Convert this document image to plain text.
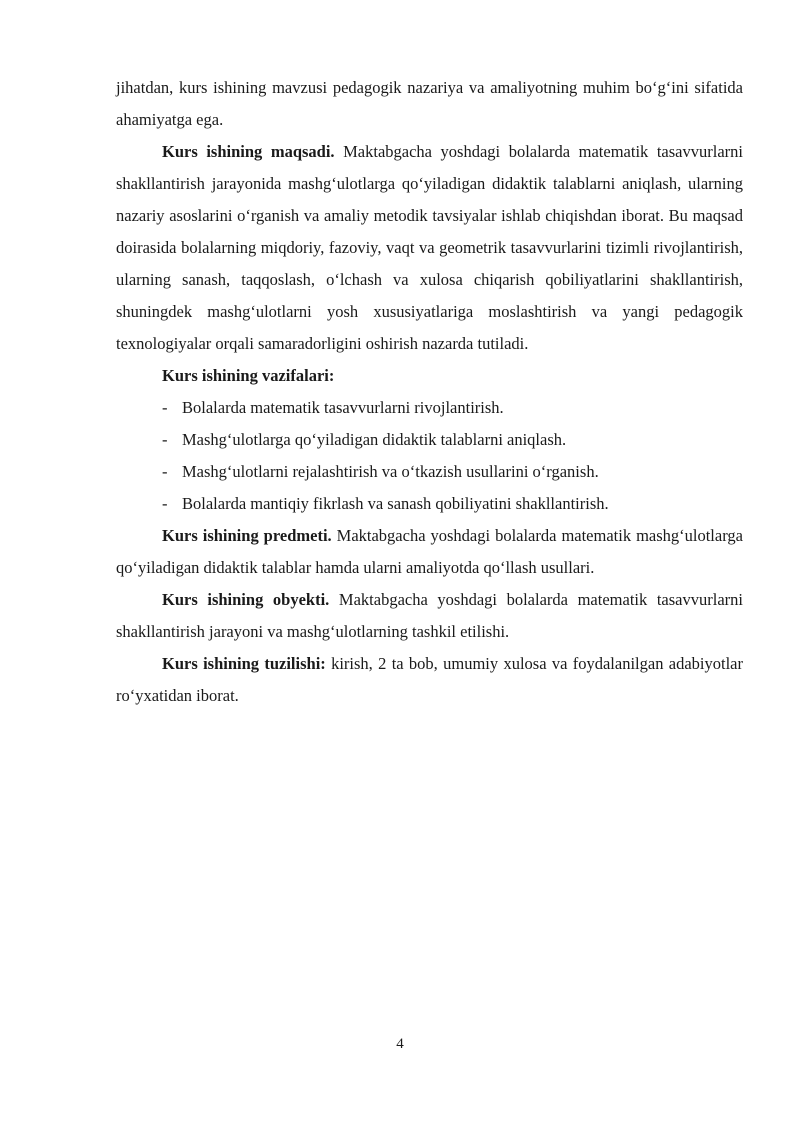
jihatdan, kurs ishining mavzusi pedagogik nazariya va amaliyotning muhim bo‘g‘ini sifatida ahamiyatga ega.

Kurs ishining maqsadi. Maktabgacha yoshdagi bolalarda matematik tasavvurlarni shakllantirish jarayonida mashg‘ulotlarga qo‘yiladigan didaktik talablarni aniqlash, ularning nazariy asoslarini o‘rganish va amaliy metodik tavsiyalar ishlab chiqishdan iborat. Bu maqsad doirasida bolalarning miqdoriy, fazoviy, vaqt va geometrik tasavvurlarini tizimli rivojlantirish, ularning sanash, taqqoslash, o‘lchash va xulosa chiqarish qobiliyatlarini shakllantirish, shuningdek mashg‘ulotlarni yosh xususiyatlariga moslashtirish va yangi pedagogik texnologiyalar orqali samaradorligini oshirish nazarda tutiladi.

Kurs ishining vazifalari:

- Bolalarda matematik tasavvurlarni rivojlantirish.
- Mashg‘ulotlarga qo‘yiladigan didaktik talablarni aniqlash.
- Mashg‘ulotlarni rejalashtirish va o‘tkazish usullarini o‘rganish.
- Bolalarda mantiqiy fikrlash va sanash qobiliyatini shakllantirish.

Kurs ishining predmeti. Maktabgacha yoshdagi bolalarda matematik mashg‘ulotlarga qo‘yiladigan didaktik talablar hamda ularni amaliyotda qo‘llash usullari.

Kurs ishining obyekti. Maktabgacha yoshdagi bolalarda matematik tasavvurlarni shakllantirish jarayoni va mashg‘ulotlarning tashkil etilishi.

Kurs ishining tuzilishi: kirish, 2 ta bob, umumiy xulosa va foydalanilgan adabiyotlar ro‘yxatidan iborat.

4
